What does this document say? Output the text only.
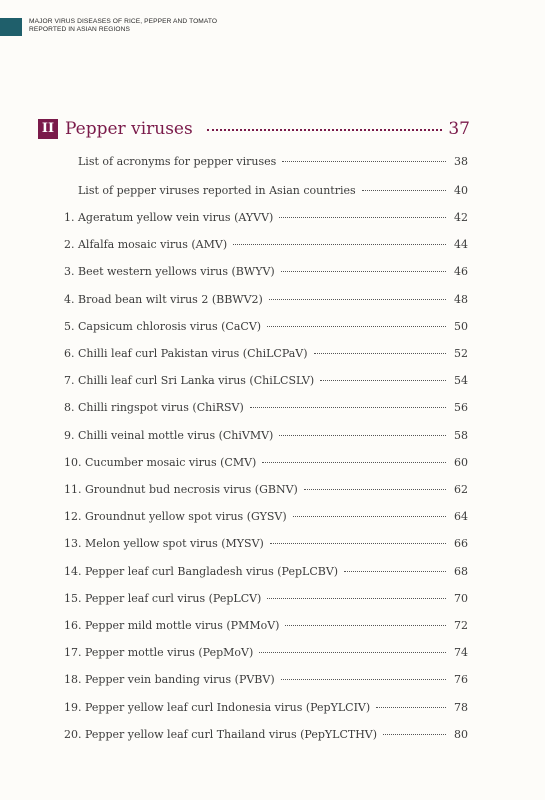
MAJOR VIRUS DISEASES OF RICE, PEPPER AND TOMATO
REPORTED IN ASIAN REGIONS
II Pepper viruses	37
List of acronyms for pepper viruses	38
List of pepper viruses reported in Asian countries	40
1. Ageratum yellow vein virus (AYVV)	42
2. Alfalfa mosaic virus (AMV)	44
3. Beet western yellows virus (BWYV)	46
4. Broad bean wilt virus 2 (BBWV2)	48
5. Capsicum chlorosis virus (CaCV)	50
6. Chilli leaf curl Pakistan virus (ChiLCPaV)	52
7. Chilli leaf curl Sri Lanka virus (ChiLCSLV)	54
8. Chilli ringspot virus (ChiRSV)	56
9. Chilli veinal mottle virus (ChiVMV)	58
10. Cucumber mosaic virus (CMV)	60
11. Groundnut bud necrosis virus (GBNV)	62
12. Groundnut yellow spot virus (GYSV)	64
13. Melon yellow spot virus (MYSV)	66
14. Pepper leaf curl Bangladesh virus (PepLCBV)	68
15. Pepper leaf curl virus (PepLCV)	70
16. Pepper mild mottle virus (PMMoV)	72
17. Pepper mottle virus (PepMoV)	74
18. Pepper vein banding virus (PVBV)	76
19. Pepper yellow leaf curl Indonesia virus (PepYLCIV)	78
20. Pepper yellow leaf curl Thailand virus (PepYLCTHV)	80
